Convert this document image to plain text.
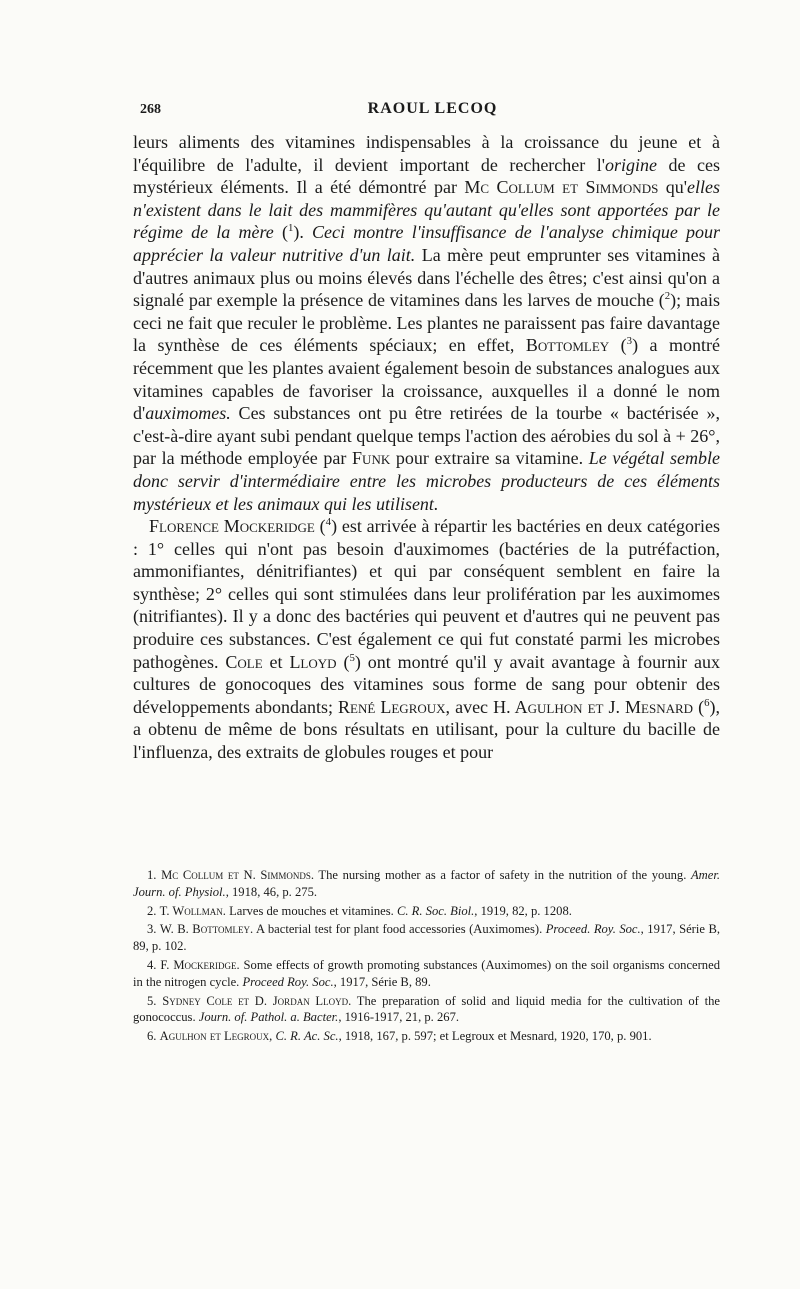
268	RAOUL LECOQ

leurs aliments des vitamines indispensables à la croissance du jeune et à l'équilibre de l'adulte, il devient important de rechercher l'origine de ces mystérieux éléments. Il a été démontré par Mc Collum et Simmonds qu'elles n'existent dans le lait des mammifères qu'autant qu'elles sont apportées par le régime de la mère ($^1$). Ceci montre l'insuffisance de l'analyse chimique pour apprécier la valeur nutritive d'un lait. La mère peut emprunter ses vitamines à d'autres animaux plus ou moins élevés dans l'échelle des êtres; c'est ainsi qu'on a signalé par exemple la présence de vitamines dans les larves de mouche ($^2$); mais ceci ne fait que reculer le problème. Les plantes ne paraissent pas faire davantage la synthèse de ces éléments spéciaux; en effet, Bottomley ($^3$) a montré récemment que les plantes avaient également besoin de substances analogues aux vitamines capables de favoriser la croissance, auxquelles il a donné le nom d'auximomes. Ces substances ont pu être retirées de la tourbe « bactérisée », c'est-à-dire ayant subi pendant quelque temps l'action des aérobies du sol à + 26°, par la méthode employée par Funk pour extraire sa vitamine. Le végétal semble donc servir d'intermédiaire entre les microbes producteurs de ces éléments mystérieux et les animaux qui les utilisent.

Florence Mockeridge ($^4$) est arrivée à répartir les bactéries en deux catégories : 1° celles qui n'ont pas besoin d'auximomes (bactéries de la putréfaction, ammonifiantes, dénitrifiantes) et qui par conséquent semblent en faire la synthèse; 2° celles qui sont stimulées dans leur prolifération par les auximomes (nitrifiantes). Il y a donc des bactéries qui peuvent et d'autres qui ne peuvent pas produire ces substances. C'est également ce qui fut constaté parmi les microbes pathogènes. Cole et Lloyd ($^5$) ont montré qu'il y avait avantage à fournir aux cultures de gonocoques des vitamines sous forme de sang pour obtenir des développements abondants; René Legroux, avec H. Agulhon et J. Mesnard ($^6$), a obtenu de même de bons résultats en utilisant, pour la culture du bacille de l'influenza, des extraits de globules rouges et pour

1. Mc Collum et N. Simmonds. The nursing mother as a factor of safety in the nutrition of the young. Amer. Journ. of. Physiol., 1918, 46, p. 275.

2. T. Wollman. Larves de mouches et vitamines. C. R. Soc. Biol., 1919, 82, p. 1208.

3. W. B. Bottomley. A bacterial test for plant food accessories (Auximomes). Proceed. Roy. Soc., 1917, Série B, 89, p. 102.

4. F. Mockeridge. Some effects of growth promoting substances (Auximomes) on the soil organisms concerned in the nitrogen cycle. Proceed Roy. Soc., 1917, Série B, 89.

5. Sydney Cole et D. Jordan Lloyd. The preparation of solid and liquid media for the cultivation of the gonococcus. Journ. of. Pathol. a. Bacter., 1916-1917, 21, p. 267.

6. Agulhon et Legroux, C. R. Ac. Sc., 1918, 167, p. 597; et Legroux et Mesnard, 1920, 170, p. 901.
